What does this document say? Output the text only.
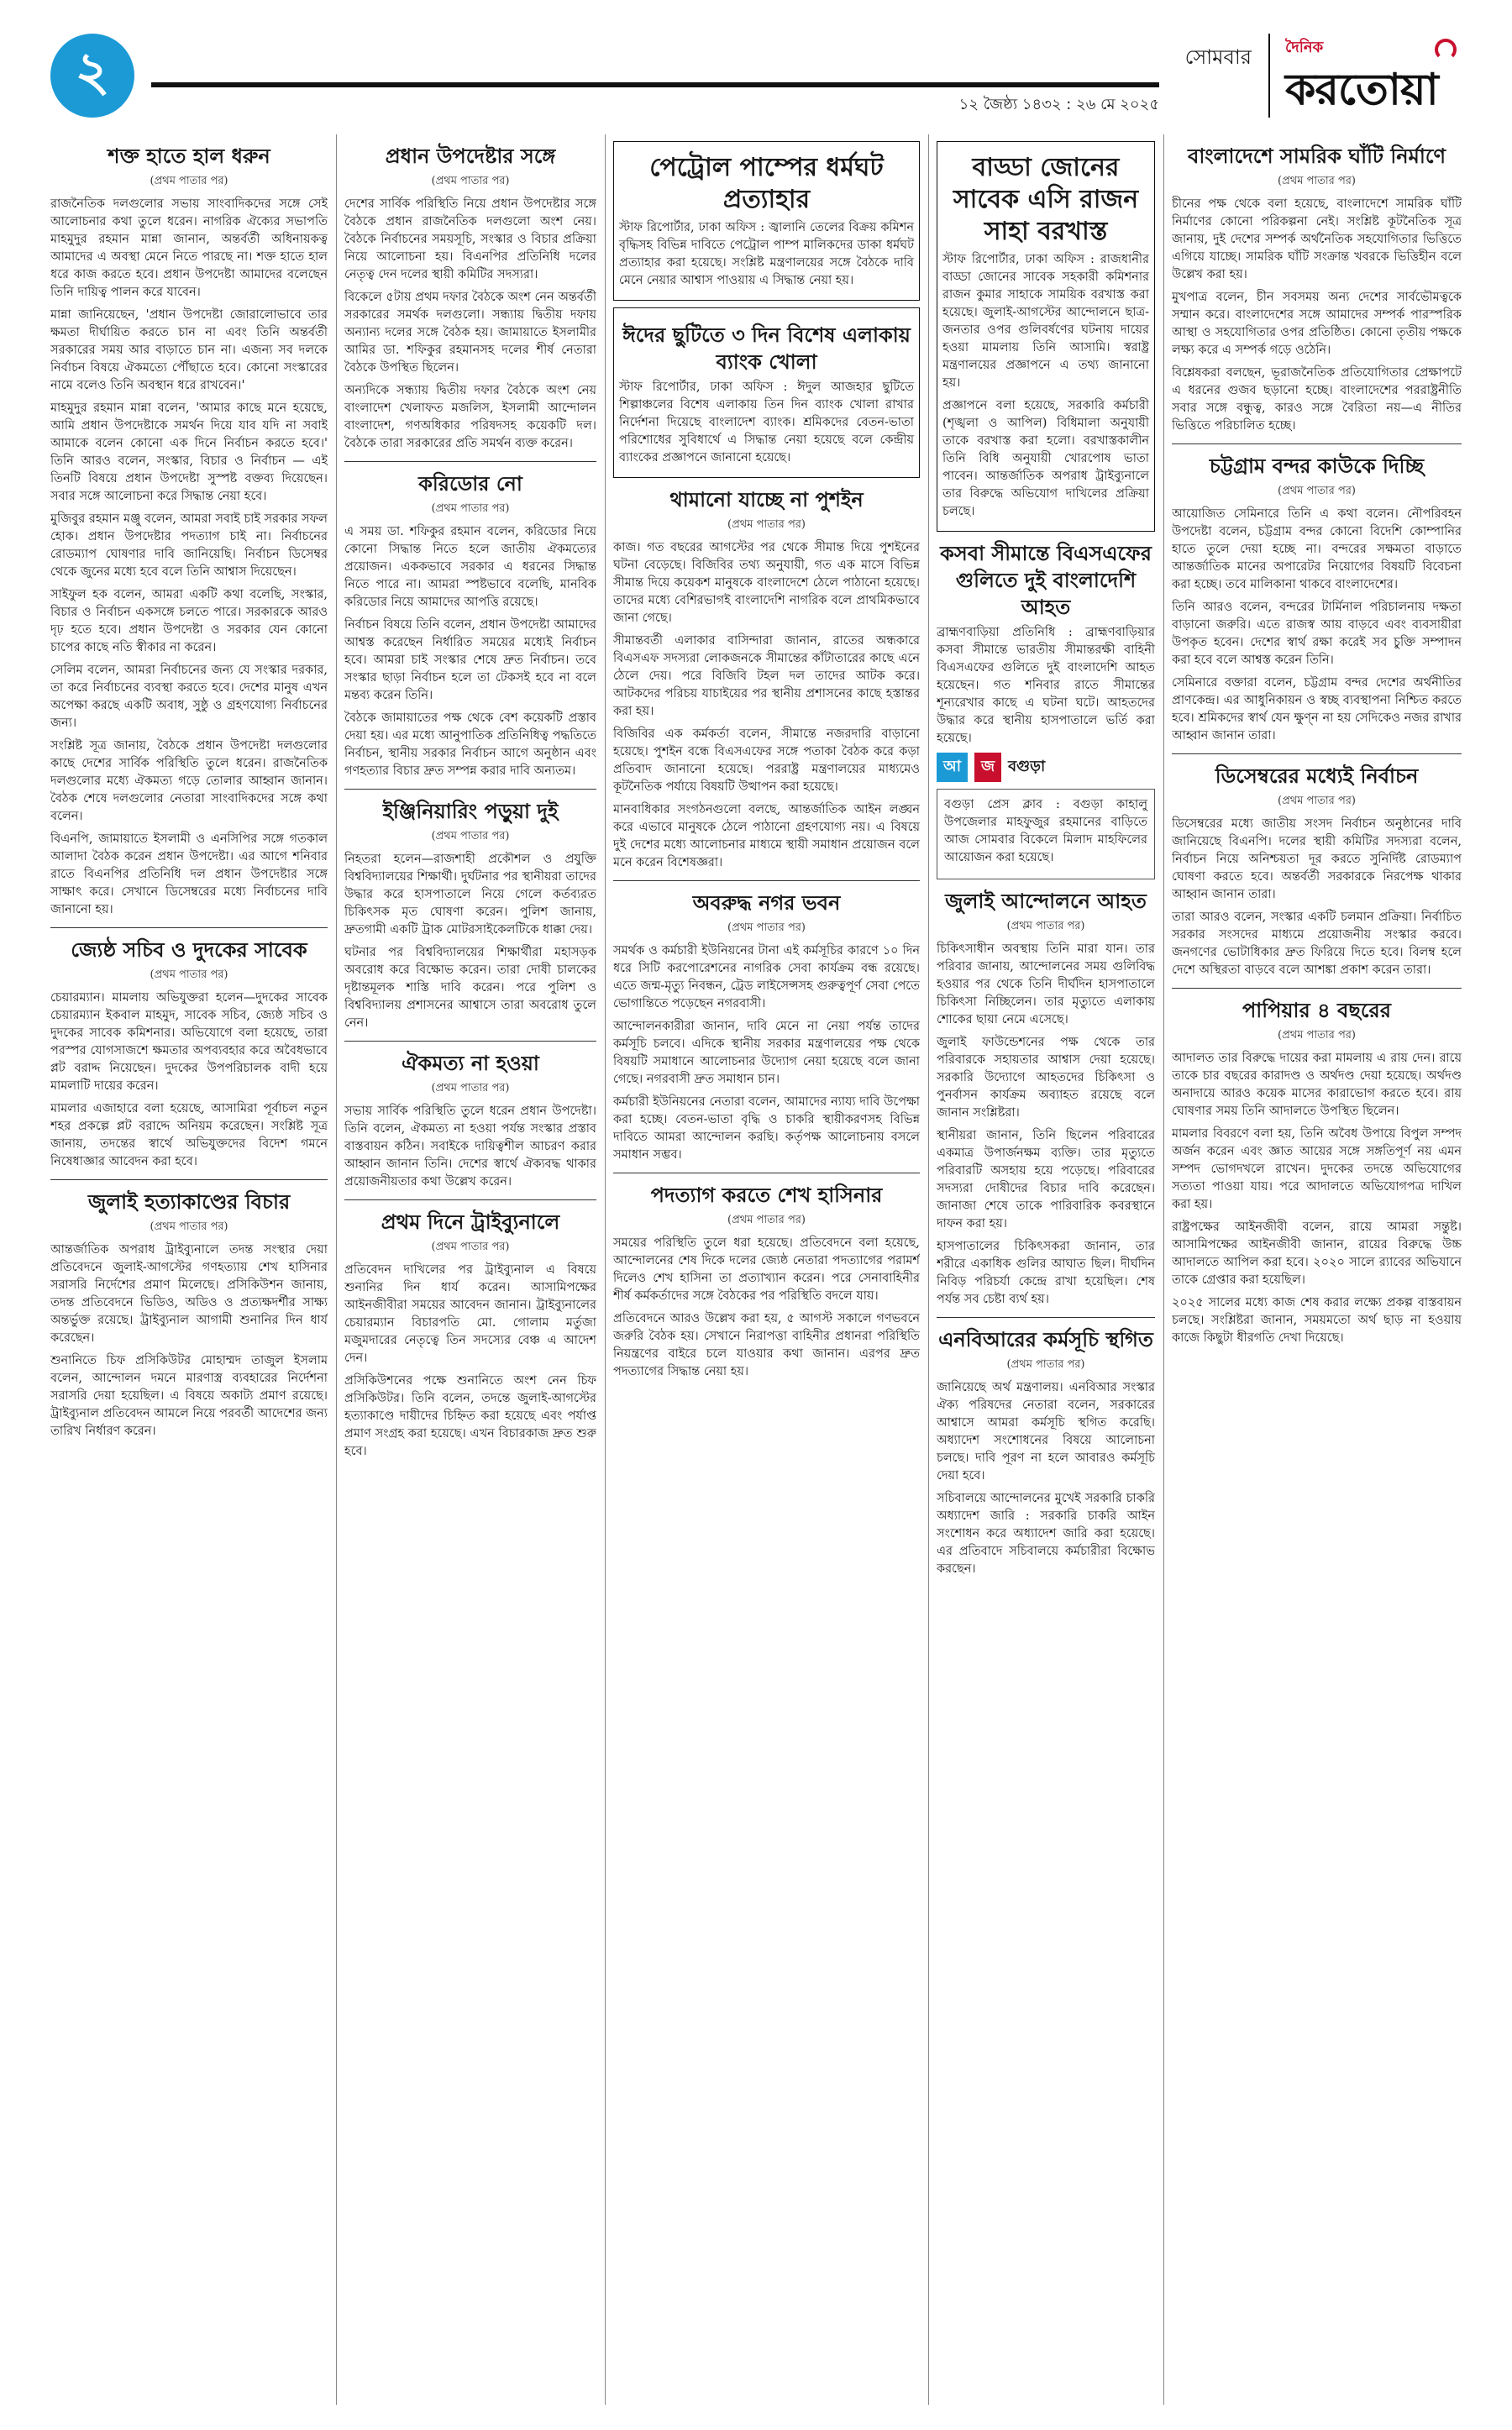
২	সোমবার
১২ জৈষ্ঠ্য ১৪৩২ : ২৬ মে ২০২৫
দৈনিক
করতোয়া
শক্ত হাতে হাল ধরুন
(প্রথম পাতার পর)

রাজনৈতিক দলগুলোর সভায় সাংবাদিকদের সঙ্গে সেই আলোচনার কথা তুলে ধরেন। নাগরিক ঐক্যের সভাপতি মাহমুদুর রহমান মান্না জানান, অন্তর্বর্তী অধিনায়কত্ব আমাদের এ অবস্থা মেনে নিতে পারছে না। শক্ত হাতে হাল ধরে কাজ করতে হবে। প্রধান উপদেষ্টা আমাদের বলেছেন তিনি দায়িত্ব পালন করে যাবেন।

মান্না জানিয়েছেন, 'প্রধান উপদেষ্টা জোরালোভাবে তার ক্ষমতা দীর্ঘায়িত করতে চান না এবং তিনি অন্তর্বর্তী সরকারের সময় আর বাড়াতে চান না। এজন্য সব দলকে নির্বাচন বিষয়ে ঐকমত্যে পৌঁছাতে হবে। কোনো সংস্কারের নামে বলেও তিনি অবস্থান ধরে রাখবেন।'

মাহমুদুর রহমান মান্না বলেন, 'আমার কাছে মনে হয়েছে, আমি প্রধান উপদেষ্টাকে সমর্থন দিয়ে যাব যদি না সবাই আমাকে বলেন কোনো এক দিনে নির্বাচন করতে হবে।' তিনি আরও বলেন, সংস্কার, বিচার ও নির্বাচন — এই তিনটি বিষয়ে প্রধান উপদেষ্টা সুস্পষ্ট বক্তব্য দিয়েছেন। সবার সঙ্গে আলোচনা করে সিদ্ধান্ত নেয়া হবে।

মুজিবুর রহমান মঞ্জু বলেন, আমরা সবাই চাই সরকার সফল হোক। প্রধান উপদেষ্টার পদত্যাগ চাই না। নির্বাচনের রোডম্যাপ ঘোষণার দাবি জানিয়েছি। নির্বাচন ডিসেম্বর থেকে জুনের মধ্যে হবে বলে তিনি আশ্বাস দিয়েছেন।

সাইফুল হক বলেন, আমরা একটি কথা বলেছি, সংস্কার, বিচার ও নির্বাচন একসঙ্গে চলতে পারে। সরকারকে আরও দৃঢ় হতে হবে। প্রধান উপদেষ্টা ও সরকার যেন কোনো চাপের কাছে নতি স্বীকার না করেন।

সেলিম বলেন, আমরা নির্বাচনের জন্য যে সংস্কার দরকার, তা করে নির্বাচনের ব্যবস্থা করতে হবে। দেশের মানুষ এখন অপেক্ষা করছে একটি অবাধ, সুষ্ঠু ও গ্রহণযোগ্য নির্বাচনের জন্য।

সংশ্লিষ্ট সূত্র জানায়, বৈঠকে প্রধান উপদেষ্টা দলগুলোর কাছে দেশের সার্বিক পরিস্থিতি তুলে ধরেন। রাজনৈতিক দলগুলোর মধ্যে ঐকমত্য গড়ে তোলার আহ্বান জানান। বৈঠক শেষে দলগুলোর নেতারা সাংবাদিকদের সঙ্গে কথা বলেন।

বিএনপি, জামায়াতে ইসলামী ও এনসিপির সঙ্গে গতকাল আলাদা বৈঠক করেন প্রধান উপদেষ্টা। এর আগে শনিবার রাতে বিএনপির প্রতিনিধি দল প্রধান উপদেষ্টার সঙ্গে সাক্ষাৎ করে। সেখানে ডিসেম্বরের মধ্যে নির্বাচনের দাবি জানানো হয়।

জ্যেষ্ঠ সচিব ও দুদকের সাবেক
(প্রথম পাতার পর)

চেয়ারম্যান। মামলায় অভিযুক্তরা হলেন—দুদকের সাবেক চেয়ারম্যান ইকবাল মাহমুদ, সাবেক সচিব, জ্যেষ্ঠ সচিব ও দুদকের সাবেক কমিশনার। অভিযোগে বলা হয়েছে, তারা পরস্পর যোগসাজশে ক্ষমতার অপব্যবহার করে অবৈধভাবে প্লট বরাদ্দ নিয়েছেন। দুদকের উপপরিচালক বাদী হয়ে মামলাটি দায়ের করেন।

মামলার এজাহারে বলা হয়েছে, আসামিরা পূর্বাচল নতুন শহর প্রকল্পে প্লট বরাদ্দে অনিয়ম করেছেন। সংশ্লিষ্ট সূত্র জানায়, তদন্তের স্বার্থে অভিযুক্তদের বিদেশ গমনে নিষেধাজ্ঞার আবেদন করা হবে।

জুলাই হত্যাকাণ্ডের বিচার
(প্রথম পাতার পর)

আন্তর্জাতিক অপরাধ ট্রাইব্যুনালে তদন্ত সংস্থার দেয়া প্রতিবেদনে জুলাই-আগস্টের গণহত্যায় শেখ হাসিনার সরাসরি নির্দেশের প্রমাণ মিলেছে। প্রসিকিউশন জানায়, তদন্ত প্রতিবেদনে ভিডিও, অডিও ও প্রত্যক্ষদর্শীর সাক্ষ্য অন্তর্ভুক্ত রয়েছে। ট্রাইব্যুনাল আগামী শুনানির দিন ধার্য করেছেন।

শুনানিতে চিফ প্রসিকিউটর মোহাম্মদ তাজুল ইসলাম বলেন, আন্দোলন দমনে মারণাস্ত্র ব্যবহারের নির্দেশনা সরাসরি দেয়া হয়েছিল। এ বিষয়ে অকাট্য প্রমাণ রয়েছে। ট্রাইব্যুনাল প্রতিবেদন আমলে নিয়ে পরবর্তী আদেশের জন্য তারিখ নির্ধারণ করেন।

প্রধান উপদেষ্টার সঙ্গে
(প্রথম পাতার পর)

দেশের সার্বিক পরিস্থিতি নিয়ে প্রধান উপদেষ্টার সঙ্গে বৈঠকে প্রধান রাজনৈতিক দলগুলো অংশ নেয়। বৈঠকে নির্বাচনের সময়সূচি, সংস্কার ও বিচার প্রক্রিয়া নিয়ে আলোচনা হয়। বিএনপির প্রতিনিধি দলের নেতৃত্ব দেন দলের স্থায়ী কমিটির সদস্যরা।

বিকেলে ৫টায় প্রথম দফার বৈঠকে অংশ নেন অন্তর্বর্তী সরকারের সমর্থক দলগুলো। সন্ধ্যায় দ্বিতীয় দফায় অন্যান্য দলের সঙ্গে বৈঠক হয়। জামায়াতে ইসলামীর আমির ডা. শফিকুর রহমানসহ দলের শীর্ষ নেতারা বৈঠকে উপস্থিত ছিলেন।

অন্যদিকে সন্ধ্যায় দ্বিতীয় দফার বৈঠকে অংশ নেয় বাংলাদেশ খেলাফত মজলিস, ইসলামী আন্দোলন বাংলাদেশ, গণঅধিকার পরিষদসহ কয়েকটি দল। বৈঠকে তারা সরকারের প্রতি সমর্থন ব্যক্ত করেন।

করিডোর নো
(প্রথম পাতার পর)

এ সময় ডা. শফিকুর রহমান বলেন, করিডোর নিয়ে কোনো সিদ্ধান্ত নিতে হলে জাতীয় ঐকমত্যের প্রয়োজন। এককভাবে সরকার এ ধরনের সিদ্ধান্ত নিতে পারে না। আমরা স্পষ্টভাবে বলেছি, মানবিক করিডোর নিয়ে আমাদের আপত্তি রয়েছে।

নির্বাচন বিষয়ে তিনি বলেন, প্রধান উপদেষ্টা আমাদের আশ্বস্ত করেছেন নির্ধারিত সময়ের মধ্যেই নির্বাচন হবে। আমরা চাই সংস্কার শেষে দ্রুত নির্বাচন। তবে সংস্কার ছাড়া নির্বাচন হলে তা টেকসই হবে না বলে মন্তব্য করেন তিনি।

বৈঠকে জামায়াতের পক্ষ থেকে বেশ কয়েকটি প্রস্তাব দেয়া হয়। এর মধ্যে আনুপাতিক প্রতিনিধিত্ব পদ্ধতিতে নির্বাচন, স্থানীয় সরকার নির্বাচন আগে অনুষ্ঠান এবং গণহত্যার বিচার দ্রুত সম্পন্ন করার দাবি অন্যতম।

ইঞ্জিনিয়ারিং পড়ুয়া দুই
(প্রথম পাতার পর)

নিহতরা হলেন—রাজশাহী প্রকৌশল ও প্রযুক্তি বিশ্ববিদ্যালয়ের শিক্ষার্থী। দুর্ঘটনার পর স্থানীয়রা তাদের উদ্ধার করে হাসপাতালে নিয়ে গেলে কর্তব্যরত চিকিৎসক মৃত ঘোষণা করেন। পুলিশ জানায়, দ্রুতগামী একটি ট্রাক মোটরসাইকেলটিকে ধাক্কা দেয়।

ঘটনার পর বিশ্ববিদ্যালয়ের শিক্ষার্থীরা মহাসড়ক অবরোধ করে বিক্ষোভ করেন। তারা দোষী চালকের দৃষ্টান্তমূলক শাস্তি দাবি করেন। পরে পুলিশ ও বিশ্ববিদ্যালয় প্রশাসনের আশ্বাসে তারা অবরোধ তুলে নেন।

ঐকমত্য না হওয়া
(প্রথম পাতার পর)

সভায় সার্বিক পরিস্থিতি তুলে ধরেন প্রধান উপদেষ্টা। তিনি বলেন, ঐকমত্য না হওয়া পর্যন্ত সংস্কার প্রস্তাব বাস্তবায়ন কঠিন। সবাইকে দায়িত্বশীল আচরণ করার আহ্বান জানান তিনি। দেশের স্বার্থে ঐক্যবদ্ধ থাকার প্রয়োজনীয়তার কথা উল্লেখ করেন।

প্রথম দিনে ট্রাইব্যুনালে
(প্রথম পাতার পর)

প্রতিবেদন দাখিলের পর ট্রাইব্যুনাল এ বিষয়ে শুনানির দিন ধার্য করেন। আসামিপক্ষের আইনজীবীরা সময়ের আবেদন জানান। ট্রাইব্যুনালের চেয়ারম্যান বিচারপতি মো. গোলাম মর্তুজা মজুমদারের নেতৃত্বে তিন সদস্যের বেঞ্চ এ আদেশ দেন।

প্রসিকিউশনের পক্ষে শুনানিতে অংশ নেন চিফ প্রসিকিউটর। তিনি বলেন, তদন্তে জুলাই-আগস্টের হত্যাকাণ্ডে দায়ীদের চিহ্নিত করা হয়েছে এবং পর্যাপ্ত প্রমাণ সংগ্রহ করা হয়েছে। এখন বিচারকাজ দ্রুত শুরু হবে।

পেট্রোল পাম্পের ধর্মঘট প্রত্যাহার

স্টাফ রিপোর্টার, ঢাকা অফিস : জ্বালানি তেলের বিক্রয় কমিশন বৃদ্ধিসহ বিভিন্ন দাবিতে পেট্রোল পাম্প মালিকদের ডাকা ধর্মঘট প্রত্যাহার করা হয়েছে। সংশ্লিষ্ট মন্ত্রণালয়ের সঙ্গে বৈঠকে দাবি মেনে নেয়ার আশ্বাস পাওয়ায় এ সিদ্ধান্ত নেয়া হয়।

ঈদের ছুটিতে ৩ দিন বিশেষ এলাকায় ব্যাংক খোলা

স্টাফ রিপোর্টার, ঢাকা অফিস : ঈদুল আজহার ছুটিতে শিল্পাঞ্চলের বিশেষ এলাকায় তিন দিন ব্যাংক খোলা রাখার নির্দেশনা দিয়েছে বাংলাদেশ ব্যাংক। শ্রমিকদের বেতন-ভাতা পরিশোধের সুবিধার্থে এ সিদ্ধান্ত নেয়া হয়েছে বলে কেন্দ্রীয় ব্যাংকের প্রজ্ঞাপনে জানানো হয়েছে।

থামানো যাচ্ছে না পুশইন
(প্রথম পাতার পর)

কাজ। গত বছরের আগস্টের পর থেকে সীমান্ত দিয়ে পুশইনের ঘটনা বেড়েছে। বিজিবির তথ্য অনুযায়ী, গত এক মাসে বিভিন্ন সীমান্ত দিয়ে কয়েকশ মানুষকে বাংলাদেশে ঠেলে পাঠানো হয়েছে। তাদের মধ্যে বেশিরভাগই বাংলাদেশি নাগরিক বলে প্রাথমিকভাবে জানা গেছে।

সীমান্তবর্তী এলাকার বাসিন্দারা জানান, রাতের অন্ধকারে বিএসএফ সদস্যরা লোকজনকে সীমান্তের কাঁটাতারের কাছে এনে ঠেলে দেয়। পরে বিজিবি টহল দল তাদের আটক করে। আটকদের পরিচয় যাচাইয়ের পর স্থানীয় প্রশাসনের কাছে হস্তান্তর করা হয়।

বিজিবির এক কর্মকর্তা বলেন, সীমান্তে নজরদারি বাড়ানো হয়েছে। পুশইন বন্ধে বিএসএফের সঙ্গে পতাকা বৈঠক করে কড়া প্রতিবাদ জানানো হয়েছে। পররাষ্ট্র মন্ত্রণালয়ের মাধ্যমেও কূটনৈতিক পর্যায়ে বিষয়টি উত্থাপন করা হয়েছে।

মানবাধিকার সংগঠনগুলো বলছে, আন্তর্জাতিক আইন লঙ্ঘন করে এভাবে মানুষকে ঠেলে পাঠানো গ্রহণযোগ্য নয়। এ বিষয়ে দুই দেশের মধ্যে আলোচনার মাধ্যমে স্থায়ী সমাধান প্রয়োজন বলে মনে করেন বিশেষজ্ঞরা।

অবরুদ্ধ নগর ভবন
(প্রথম পাতার পর)

সমর্থক ও কর্মচারী ইউনিয়নের টানা এই কর্মসূচির কারণে ১০ দিন ধরে সিটি করপোরেশনের নাগরিক সেবা কার্যক্রম বন্ধ রয়েছে। এতে জন্ম-মৃত্যু নিবন্ধন, ট্রেড লাইসেন্সসহ গুরুত্বপূর্ণ সেবা পেতে ভোগান্তিতে পড়েছেন নগরবাসী।

আন্দোলনকারীরা জানান, দাবি মেনে না নেয়া পর্যন্ত তাদের কর্মসূচি চলবে। এদিকে স্থানীয় সরকার মন্ত্রণালয়ের পক্ষ থেকে বিষয়টি সমাধানে আলোচনার উদ্যোগ নেয়া হয়েছে বলে জানা গেছে। নগরবাসী দ্রুত সমাধান চান।

কর্মচারী ইউনিয়নের নেতারা বলেন, আমাদের ন্যায্য দাবি উপেক্ষা করা হচ্ছে। বেতন-ভাতা বৃদ্ধি ও চাকরি স্থায়ীকরণসহ বিভিন্ন দাবিতে আমরা আন্দোলন করছি। কর্তৃপক্ষ আলোচনায় বসলে সমাধান সম্ভব।

পদত্যাগ করতে শেখ হাসিনার
(প্রথম পাতার পর)

সময়ের পরিস্থিতি তুলে ধরা হয়েছে। প্রতিবেদনে বলা হয়েছে, আন্দোলনের শেষ দিকে দলের জ্যেষ্ঠ নেতারা পদত্যাগের পরামর্শ দিলেও শেখ হাসিনা তা প্রত্যাখ্যান করেন। পরে সেনাবাহিনীর শীর্ষ কর্মকর্তাদের সঙ্গে বৈঠকের পর পরিস্থিতি বদলে যায়।

প্রতিবেদনে আরও উল্লেখ করা হয়, ৫ আগস্ট সকালে গণভবনে জরুরি বৈঠক হয়। সেখানে নিরাপত্তা বাহিনীর প্রধানরা পরিস্থিতি নিয়ন্ত্রণের বাইরে চলে যাওয়ার কথা জানান। এরপর দ্রুত পদত্যাগের সিদ্ধান্ত নেয়া হয়।

বাড্ডা জোনের সাবেক এসি রাজন সাহা বরখাস্ত

স্টাফ রিপোর্টার, ঢাকা অফিস : রাজধানীর বাড্ডা জোনের সাবেক সহকারী কমিশনার রাজন কুমার সাহাকে সাময়িক বরখাস্ত করা হয়েছে। জুলাই-আগস্টের আন্দোলনে ছাত্র-জনতার ওপর গুলিবর্ষণের ঘটনায় দায়ের হওয়া মামলায় তিনি আসামি। স্বরাষ্ট্র মন্ত্রণালয়ের প্রজ্ঞাপনে এ তথ্য জানানো হয়।

প্রজ্ঞাপনে বলা হয়েছে, সরকারি কর্মচারী (শৃঙ্খলা ও আপিল) বিধিমালা অনুযায়ী তাকে বরখাস্ত করা হলো। বরখাস্তকালীন তিনি বিধি অনুযায়ী খোরপোষ ভাতা পাবেন। আন্তর্জাতিক অপরাধ ট্রাইব্যুনালে তার বিরুদ্ধে অভিযোগ দাখিলের প্রক্রিয়া চলছে।

কসবা সীমান্তে বিএসএফের গুলিতে দুই বাংলাদেশি আহত

ব্রাহ্মণবাড়িয়া প্রতিনিধি : ব্রাহ্মণবাড়িয়ার কসবা সীমান্তে ভারতীয় সীমান্তরক্ষী বাহিনী বিএসএফের গুলিতে দুই বাংলাদেশি আহত হয়েছেন। গত শনিবার রাতে সীমান্তের শূন্যরেখার কাছে এ ঘটনা ঘটে। আহতদের উদ্ধার করে স্থানীয় হাসপাতালে ভর্তি করা হয়েছে।

আ	জ বগুড়া

বগুড়া প্রেস ক্লাব : বগুড়া কাহালু উপজেলার মাহফুজুর রহমানের বাড়িতে আজ সোমবার বিকেলে মিলাদ মাহফিলের আয়োজন করা হয়েছে।

জুলাই আন্দোলনে আহত
(প্রথম পাতার পর)

চিকিৎসাধীন অবস্থায় তিনি মারা যান। তার পরিবার জানায়, আন্দোলনের সময় গুলিবিদ্ধ হওয়ার পর থেকে তিনি দীর্ঘদিন হাসপাতালে চিকিৎসা নিচ্ছিলেন। তার মৃত্যুতে এলাকায় শোকের ছায়া নেমে এসেছে।

জুলাই ফাউন্ডেশনের পক্ষ থেকে তার পরিবারকে সহায়তার আশ্বাস দেয়া হয়েছে। সরকারি উদ্যোগে আহতদের চিকিৎসা ও পুনর্বাসন কার্যক্রম অব্যাহত রয়েছে বলে জানান সংশ্লিষ্টরা।

স্থানীয়রা জানান, তিনি ছিলেন পরিবারের একমাত্র উপার্জনক্ষম ব্যক্তি। তার মৃত্যুতে পরিবারটি অসহায় হয়ে পড়েছে। পরিবারের সদস্যরা দোষীদের বিচার দাবি করেছেন। জানাজা শেষে তাকে পারিবারিক কবরস্থানে দাফন করা হয়।

হাসপাতালের চিকিৎসকরা জানান, তার শরীরে একাধিক গুলির আঘাত ছিল। দীর্ঘদিন নিবিড় পরিচর্যা কেন্দ্রে রাখা হয়েছিল। শেষ পর্যন্ত সব চেষ্টা ব্যর্থ হয়।

এনবিআরের কর্মসূচি স্থগিত
(প্রথম পাতার পর)

জানিয়েছে অর্থ মন্ত্রণালয়। এনবিআর সংস্কার ঐক্য পরিষদের নেতারা বলেন, সরকারের আশ্বাসে আমরা কর্মসূচি স্থগিত করেছি। অধ্যাদেশ সংশোধনের বিষয়ে আলোচনা চলছে। দাবি পূরণ না হলে আবারও কর্মসূচি দেয়া হবে।

সচিবালয়ে আন্দোলনের মুখেই সরকারি চাকরি অধ্যাদেশ জারি : সরকারি চাকরি আইন সংশোধন করে অধ্যাদেশ জারি করা হয়েছে। এর প্রতিবাদে সচিবালয়ে কর্মচারীরা বিক্ষোভ করছেন।

বাংলাদেশে সামরিক ঘাঁটি নির্মাণে
(প্রথম পাতার পর)

চীনের পক্ষ থেকে বলা হয়েছে, বাংলাদেশে সামরিক ঘাঁটি নির্মাণের কোনো পরিকল্পনা নেই। সংশ্লিষ্ট কূটনৈতিক সূত্র জানায়, দুই দেশের সম্পর্ক অর্থনৈতিক সহযোগিতার ভিত্তিতে এগিয়ে যাচ্ছে। সামরিক ঘাঁটি সংক্রান্ত খবরকে ভিত্তিহীন বলে উল্লেখ করা হয়।

মুখপাত্র বলেন, চীন সবসময় অন্য দেশের সার্বভৌমত্বকে সম্মান করে। বাংলাদেশের সঙ্গে আমাদের সম্পর্ক পারস্পরিক আস্থা ও সহযোগিতার ওপর প্রতিষ্ঠিত। কোনো তৃতীয় পক্ষকে লক্ষ্য করে এ সম্পর্ক গড়ে ওঠেনি।

বিশ্লেষকরা বলছেন, ভূরাজনৈতিক প্রতিযোগিতার প্রেক্ষাপটে এ ধরনের গুজব ছড়ানো হচ্ছে। বাংলাদেশের পররাষ্ট্রনীতি সবার সঙ্গে বন্ধুত্ব, কারও সঙ্গে বৈরিতা নয়—এ নীতির ভিত্তিতে পরিচালিত হচ্ছে।

চট্টগ্রাম বন্দর কাউকে দিচ্ছি
(প্রথম পাতার পর)

আয়োজিত সেমিনারে তিনি এ কথা বলেন। নৌপরিবহন উপদেষ্টা বলেন, চট্টগ্রাম বন্দর কোনো বিদেশি কোম্পানির হাতে তুলে দেয়া হচ্ছে না। বন্দরের সক্ষমতা বাড়াতে আন্তর্জাতিক মানের অপারেটর নিয়োগের বিষয়টি বিবেচনা করা হচ্ছে। তবে মালিকানা থাকবে বাংলাদেশের।

তিনি আরও বলেন, বন্দরের টার্মিনাল পরিচালনায় দক্ষতা বাড়ানো জরুরি। এতে রাজস্ব আয় বাড়বে এবং ব্যবসায়ীরা উপকৃত হবেন। দেশের স্বার্থ রক্ষা করেই সব চুক্তি সম্পাদন করা হবে বলে আশ্বস্ত করেন তিনি।

সেমিনারে বক্তারা বলেন, চট্টগ্রাম বন্দর দেশের অর্থনীতির প্রাণকেন্দ্র। এর আধুনিকায়ন ও স্বচ্ছ ব্যবস্থাপনা নিশ্চিত করতে হবে। শ্রমিকদের স্বার্থ যেন ক্ষুণ্ন না হয় সেদিকেও নজর রাখার আহ্বান জানান তারা।

ডিসেম্বরের মধ্যেই নির্বাচন
(প্রথম পাতার পর)

ডিসেম্বরের মধ্যে জাতীয় সংসদ নির্বাচন অনুষ্ঠানের দাবি জানিয়েছে বিএনপি। দলের স্থায়ী কমিটির সদস্যরা বলেন, নির্বাচন নিয়ে অনিশ্চয়তা দূর করতে সুনির্দিষ্ট রোডম্যাপ ঘোষণা করতে হবে। অন্তর্বর্তী সরকারকে নিরপেক্ষ থাকার আহ্বান জানান তারা।

তারা আরও বলেন, সংস্কার একটি চলমান প্রক্রিয়া। নির্বাচিত সরকার সংসদের মাধ্যমে প্রয়োজনীয় সংস্কার করবে। জনগণের ভোটাধিকার দ্রুত ফিরিয়ে দিতে হবে। বিলম্ব হলে দেশে অস্থিরতা বাড়বে বলে আশঙ্কা প্রকাশ করেন তারা।

পাপিয়ার ৪ বছরের
(প্রথম পাতার পর)

আদালত তার বিরুদ্ধে দায়ের করা মামলায় এ রায় দেন। রায়ে তাকে চার বছরের কারাদণ্ড ও অর্থদণ্ড দেয়া হয়েছে। অর্থদণ্ড অনাদায়ে আরও কয়েক মাসের কারাভোগ করতে হবে। রায় ঘোষণার সময় তিনি আদালতে উপস্থিত ছিলেন।

মামলার বিবরণে বলা হয়, তিনি অবৈধ উপায়ে বিপুল সম্পদ অর্জন করেন এবং জ্ঞাত আয়ের সঙ্গে সঙ্গতিপূর্ণ নয় এমন সম্পদ ভোগদখলে রাখেন। দুদকের তদন্তে অভিযোগের সত্যতা পাওয়া যায়। পরে আদালতে অভিযোগপত্র দাখিল করা হয়।

রাষ্ট্রপক্ষের আইনজীবী বলেন, রায়ে আমরা সন্তুষ্ট। আসামিপক্ষের আইনজীবী জানান, রায়ের বিরুদ্ধে উচ্চ আদালতে আপিল করা হবে। ২০২০ সালে র‍্যাবের অভিযানে তাকে গ্রেপ্তার করা হয়েছিল।

২০২৫ সালের মধ্যে কাজ শেষ করার লক্ষ্যে প্রকল্প বাস্তবায়ন চলছে। সংশ্লিষ্টরা জানান, সময়মতো অর্থ ছাড় না হওয়ায় কাজে কিছুটা ধীরগতি দেখা দিয়েছে।
